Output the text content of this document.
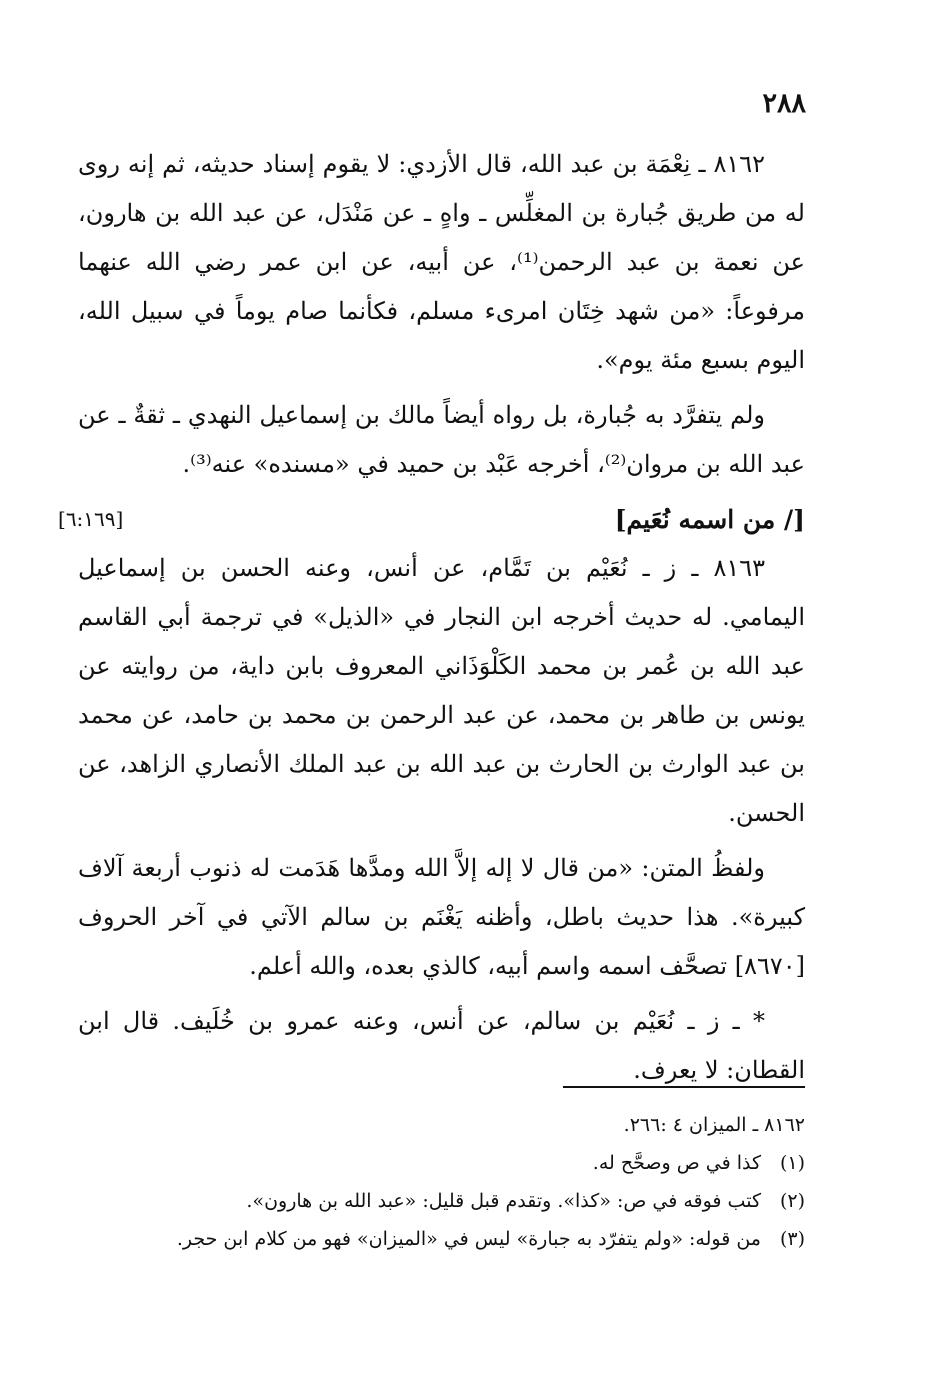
٢٨٨

٨١٦٢ ـ نِعْمَة بن عبد الله، قال الأزدي: لا يقوم إسناد حديثه، ثم إنه روى له من طريق جُبارة بن المغلِّس ـ واهٍ ـ عن مَنْدَل، عن عبد الله بن هارون، عن نعمة بن عبد الرحمن⁽¹⁾، عن أبيه، عن ابن عمر رضي الله عنهما مرفوعاً: «من شهد خِتَان امرىء مسلم، فكأنما صام يوماً في سبيل الله، اليوم بسبع مئة يوم».

ولم يتفرَّد به جُبارة، بل رواه أيضاً مالك بن إسماعيل النهدي ـ ثقةٌ ـ عن عبد الله بن مروان⁽²⁾، أخرجه عَبْد بن حميد في «مسنده» عنه⁽³⁾.

[/ من اسمه نُعَيم]
[٦:١٦٩]

٨١٦٣ ـ ز ـ نُعَيْم بن تَمَّام، عن أنس، وعنه الحسن بن إسماعيل اليمامي. له حديث أخرجه ابن النجار في «الذيل» في ترجمة أبي القاسم عبد الله بن عُمر بن محمد الكَلْوَذَاني المعروف بابن داية، من روايته عن يونس بن طاهر بن محمد، عن عبد الرحمن بن محمد بن حامد، عن محمد بن عبد الوارث بن الحارث بن عبد الله بن عبد الملك الأنصاري الزاهد، عن الحسن.

ولفظُ المتن: «من قال لا إله إلاَّ الله ومدَّها هَدَمت له ذنوب أربعة آلاف كبيرة». هذا حديث باطل، وأظنه يَغْنَم بن سالم الآتي في آخر الحروف [٨٦٧٠] تصحَّف اسمه واسم أبيه، كالذي بعده، والله أعلم.

* ـ ز ـ نُعَيْم بن سالم، عن أنس، وعنه عمرو بن خُلَيف. قال ابن القطان: لا يعرف.

٨١٦٢ ـ الميزان ٤ :٢٦٦.
(١)كذا في ص وصحَّح له.
(٢)كتب فوقه في ص: «كذا». وتقدم قبل قليل: «عبد الله بن هارون».
(٣)من قوله: «ولم يتفرّد به جبارة» ليس في «الميزان» فهو من كلام ابن حجر.
